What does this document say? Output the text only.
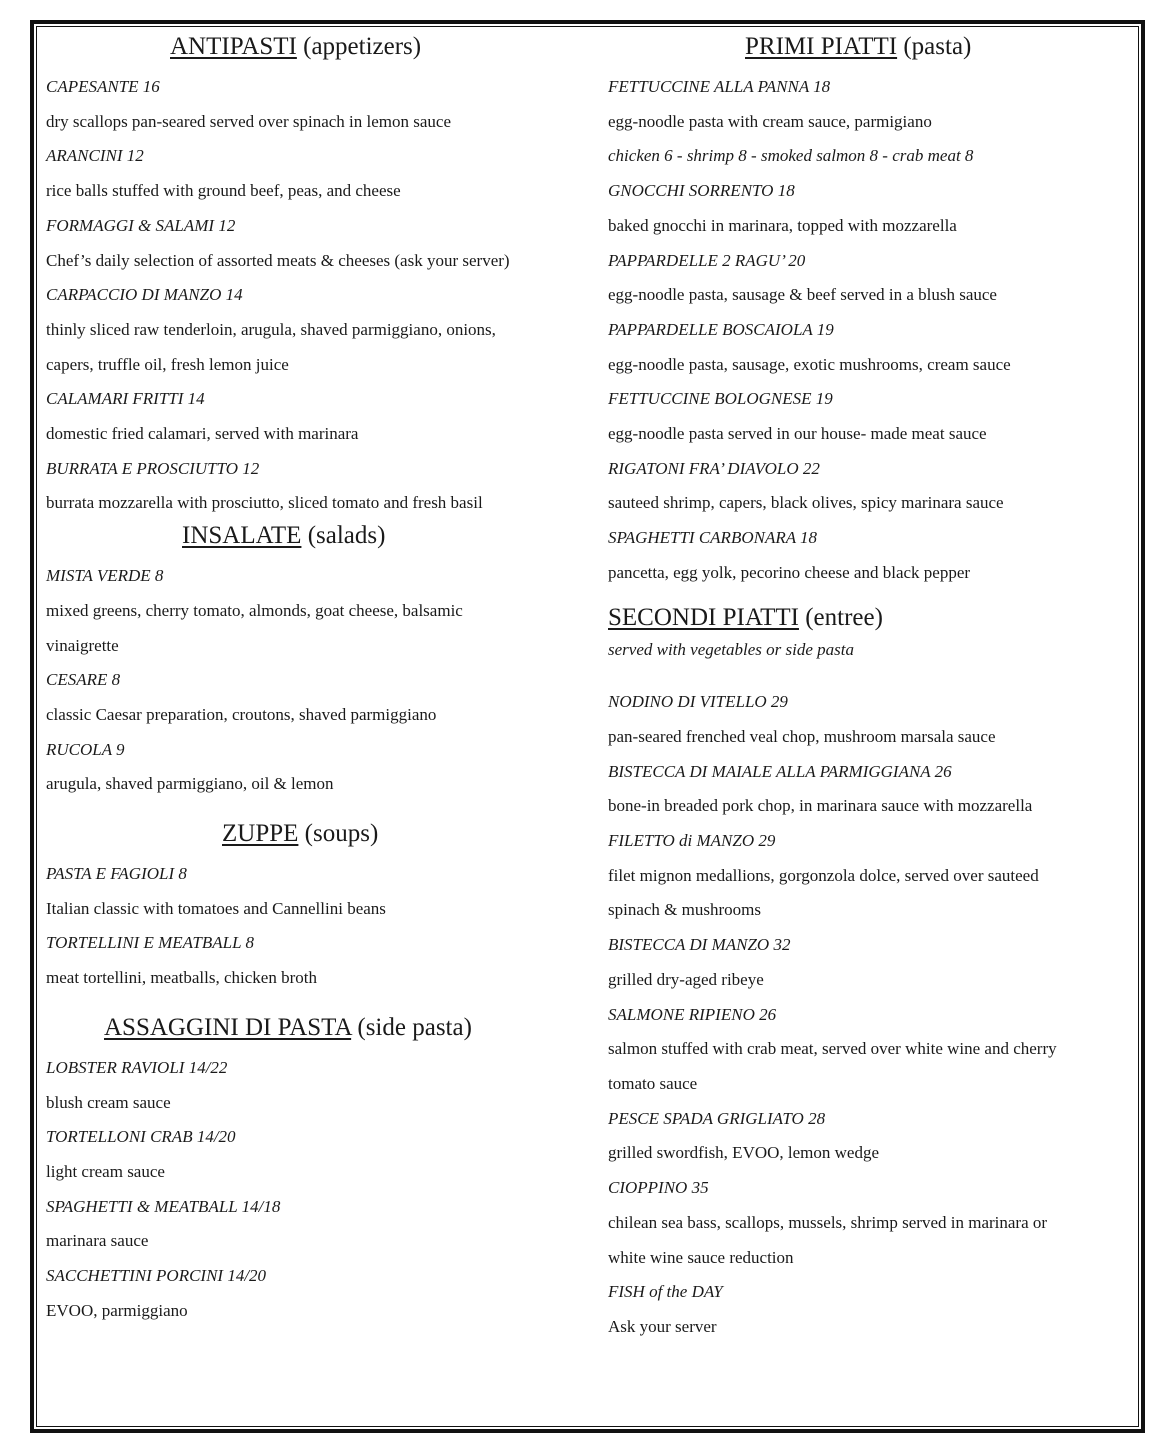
ANTIPASTI (appetizers)
CAPESANTE 16
dry scallops pan-seared served over spinach in lemon sauce
ARANCINI 12
rice balls stuffed with ground beef, peas, and cheese
FORMAGGI & SALAMI 12
Chef’s daily selection of assorted meats & cheeses (ask your server)
CARPACCIO DI MANZO 14
thinly sliced raw tenderloin, arugula, shaved parmiggiano, onions,
capers, truffle oil, fresh lemon juice
CALAMARI FRITTI 14
domestic fried calamari, served with marinara
BURRATA E PROSCIUTTO 12
burrata mozzarella with prosciutto, sliced tomato and fresh basil
INSALATE (salads)
MISTA VERDE 8
mixed greens, cherry tomato, almonds, goat cheese, balsamic
vinaigrette
CESARE 8
classic Caesar preparation, croutons, shaved parmiggiano
RUCOLA 9
arugula, shaved parmiggiano, oil & lemon
ZUPPE (soups)
PASTA E FAGIOLI 8
Italian classic with tomatoes and Cannellini beans
TORTELLINI E MEATBALL 8
meat tortellini, meatballs, chicken broth
ASSAGGINI DI PASTA (side pasta)
LOBSTER RAVIOLI 14/22
blush cream sauce
TORTELLONI CRAB 14/20
light cream sauce
SPAGHETTI & MEATBALL 14/18
marinara sauce
SACCHETTINI PORCINI 14/20
EVOO, parmiggiano
PRIMI PIATTI (pasta)
FETTUCCINE ALLA PANNA 18
egg-noodle pasta with cream sauce, parmigiano
chicken 6 - shrimp 8 - smoked salmon 8 - crab meat 8
GNOCCHI SORRENTO 18
baked gnocchi in marinara, topped with mozzarella
PAPPARDELLE 2 RAGU’ 20
egg-noodle pasta, sausage & beef served in a blush sauce
PAPPARDELLE BOSCAIOLA 19
egg-noodle pasta, sausage, exotic mushrooms, cream sauce
FETTUCCINE BOLOGNESE 19
egg-noodle pasta served in our house- made meat sauce
RIGATONI FRA’ DIAVOLO 22
sauteed shrimp, capers, black olives, spicy marinara sauce
SPAGHETTI CARBONARA 18
pancetta, egg yolk, pecorino cheese and black pepper
SECONDI PIATTI (entree)
served with vegetables or side pasta
NODINO DI VITELLO 29
pan-seared frenched veal chop, mushroom marsala sauce
BISTECCA DI MAIALE ALLA PARMIGGIANA 26
bone-in breaded pork chop, in marinara sauce with mozzarella
FILETTO di MANZO 29
filet mignon medallions, gorgonzola dolce, served over sauteed
spinach & mushrooms
BISTECCA DI MANZO 32
grilled dry-aged ribeye
SALMONE RIPIENO 26
salmon stuffed with crab meat, served over white wine and cherry
tomato sauce
PESCE SPADA GRIGLIATO 28
grilled swordfish, EVOO, lemon wedge
CIOPPINO 35
chilean sea bass, scallops, mussels, shrimp served in marinara or
white wine sauce reduction
FISH of the DAY
Ask your server
